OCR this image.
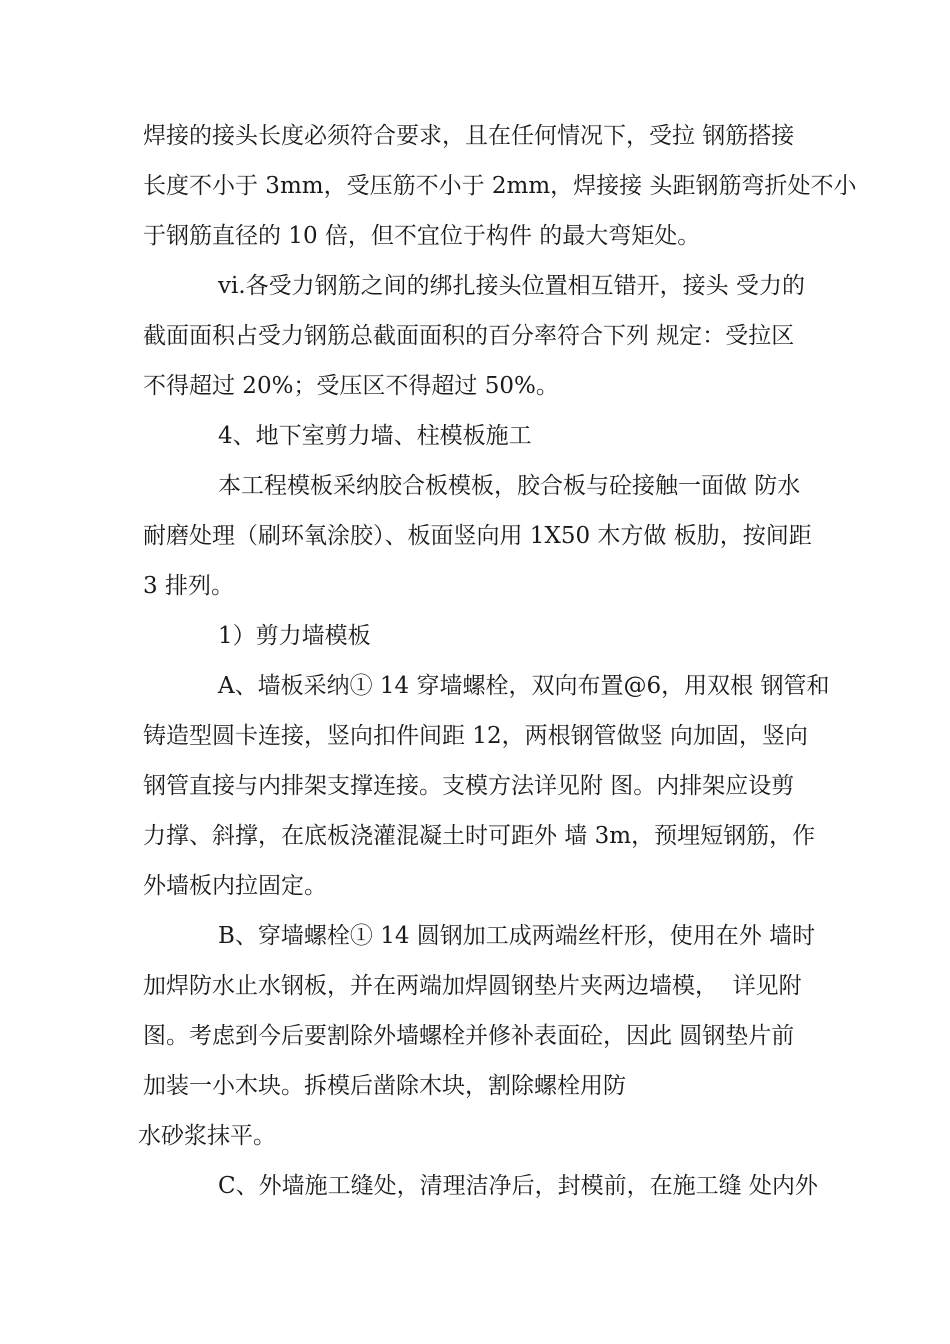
焊接的接头长度必须符合要求，且在任何情况下，受拉 钢筋搭接
长度不小于 3mm，受压筋不小于 2mm，焊接接 头距钢筋弯折处不小
于钢筋直径的 10 倍，但不宜位于构件 的最大弯矩处。
vi.各受力钢筋之间的绑扎接头位置相互错开，接头 受力的
截面面积占受力钢筋总截面面积的百分率符合下列 规定：受拉区
不得超过 20%；受压区不得超过 50%。
4、地下室剪力墙、柱模板施工
本工程模板采纳胶合板模板，胶合板与砼接触一面做 防水
耐磨处理（刷环氧涂胶）、板面竖向用 1X50 木方做 板肋，按间距
3 排列。
1）剪力墙模板
A、墙板采纳① 14 穿墙螺栓，双向布置@6，用双根 钢管和
铸造型圆卡连接，竖向扣件间距 12，两根钢管做竖 向加固，竖向
钢管直接与内排架支撑连接。支模方法详见附 图。内排架应设剪
力撑、斜撑，在底板浇灌混凝土时可距外 墙 3m，预埋短钢筋，作
外墙板内拉固定。
B、穿墙螺栓① 14 圆钢加工成两端丝杆形，使用在外 墙时
加焊防水止水钢板，并在两端加焊圆钢垫片夹两边墙模，  详见附
图。考虑到今后要割除外墙螺栓并修补表面砼，因此 圆钢垫片前
加装一小木块。拆模后凿除木块，割除螺栓用防
水砂浆抹平。
C、外墙施工缝处，清理洁净后，封模前，在施工缝 处内外
